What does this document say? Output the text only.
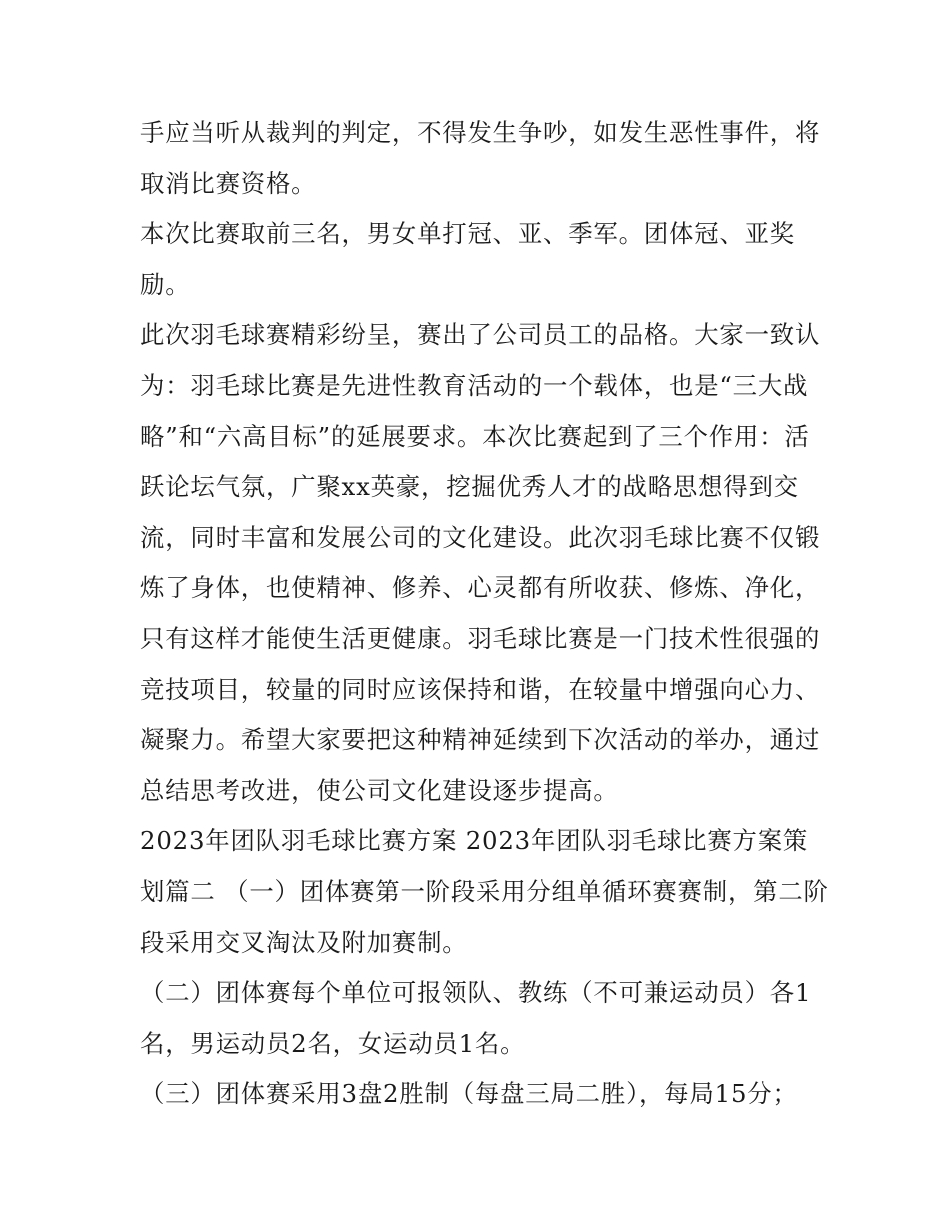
手应当听从裁判的判定，不得发生争吵，如发生恶性事件，将取消比赛资格。

本次比赛取前三名，男女单打冠、亚、季军。团体冠、亚奖励。

此次羽毛球赛精彩纷呈，赛出了公司员工的品格。大家一致认为：羽毛球比赛是先进性教育活动的一个载体，也是“三大战略”和“六高目标”的延展要求。本次比赛起到了三个作用：活跃论坛气氛，广聚xx英豪，挖掘优秀人才的战略思想得到交流，同时丰富和发展公司的文化建设。此次羽毛球比赛不仅锻炼了身体，也使精神、修养、心灵都有所收获、修炼、净化，只有这样才能使生活更健康。羽毛球比赛是一门技术性很强的竞技项目，较量的同时应该保持和谐，在较量中增强向心力、凝聚力。希望大家要把这种精神延续到下次活动的举办，通过总结思考改进，使公司文化建设逐步提高。

2023年团队羽毛球比赛方案 2023年团队羽毛球比赛方案策划篇二 （一）团体赛第一阶段采用分组单循环赛赛制，第二阶段采用交叉淘汰及附加赛制。

（二）团体赛每个单位可报领队、教练（不可兼运动员）各1名，男运动员2名，女运动员1名。

（三）团体赛采用3盘2胜制（每盘三局二胜），每局15分；
